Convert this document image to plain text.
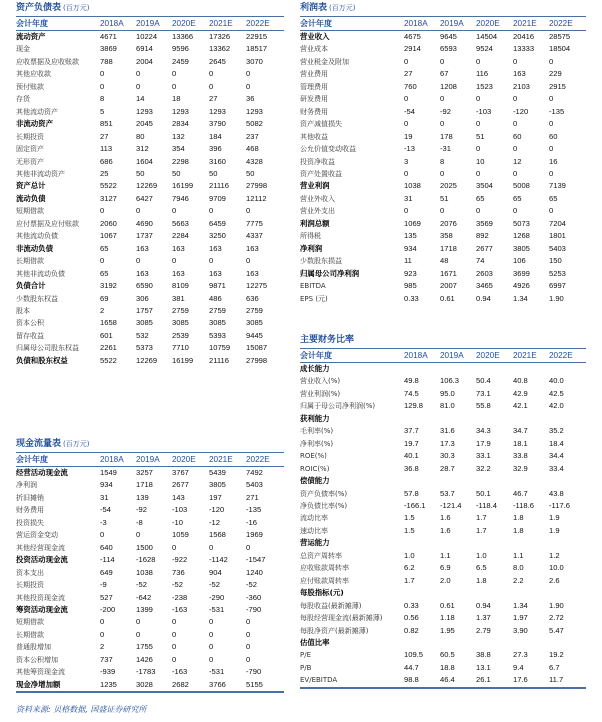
资产负债表 (百万元)
会计年度	2018A	2019A	2020E	2021E	2022E
流动资产	4671	10224	13366	17326	22915
现金	3869	6914	9596	13362	18517
应收票据及应收账款	788	2004	2459	2645	3070
其他应收款	0	0	0	0	0
预付账款	0	0	0	0	0
存货	8	14	18	27	36
其他流动资产	5	1293	1293	1293	1293
非流动资产	851	2045	2834	3790	5082
长期投资	27	80	132	184	237
固定资产	113	312	354	396	468
无形资产	686	1604	2298	3160	4328
其他非流动资产	25	50	50	50	50
资产总计	5522	12269	16199	21116	27998
流动负债	3127	6427	7946	9709	12112
短期借款	0	0	0	0	0
应付票据及应付账款	2060	4690	5663	6459	7775
其他流动负债	1067	1737	2284	3250	4337
非流动负债	65	163	163	163	163
长期借款	0	0	0	0	0
其他非流动负债	65	163	163	163	163
负债合计	3192	6590	8109	9871	12275
少数股东权益	69	306	381	486	636
股本	2	1757	2759	2759	2759
资本公积	1658	3085	3085	3085	3085
留存收益	601	532	2539	5393	9445
归属母公司股东权益	2261	5373	7710	10759	15087
负债和股东权益	5522	12269	16199	21116	27998
现金流量表 (百万元)
会计年度	2018A	2019A	2020E	2021E	2022E
经营活动现金流	1549	3257	3767	5439	7492
净利润	934	1718	2677	3805	5403
折旧摊销	31	139	143	197	271
财务费用	-54	-92	-103	-120	-135
投资损失	-3	-8	-10	-12	-16
营运资金变动	0	0	1059	1568	1969
其他经营现金流	640	1500	0	0	0
投资活动现金流	-114	-1628	-922	-1142	-1547
资本支出	649	1038	736	904	1240
长期投资	-9	-52	-52	-52	-52
其他投资现金流	527	-642	-238	-290	-360
筹资活动现金流	-200	1399	-163	-531	-790
短期借款	0	0	0	0	0
长期借款	0	0	0	0	0
普通股增加	2	1755	0	0	0
资本公积增加	737	1426	0	0	0
其他筹资现金流	-939	-1783	-163	-531	-790
现金净增加额	1235	3028	2682	3766	5155
利润表 (百万元)
会计年度	2018A	2019A	2020E	2021E	2022E
营业收入	4675	9645	14504	20416	28575
营业成本	2914	6593	9524	13333	18504
营业税金及附加	0	0	0	0	0
营业费用	27	67	116	163	229
管理费用	760	1208	1523	2103	2915
研发费用	0	0	0	0	0
财务费用	-54	-92	-103	-120	-135
资产减值损失	0	0	0	0	0
其他收益	19	178	51	60	60
公允价值变动收益	-13	-31	0	0	0
投资净收益	3	8	10	12	16
资产处置收益	0	0	0	0	0
营业利润	1038	2025	3504	5008	7139
营业外收入	31	51	65	65	65
营业外支出	0	0	0	0	0
利润总额	1069	2076	3569	5073	7204
所得税	135	358	892	1268	1801
净利润	934	1718	2677	3805	5403
少数股东损益	11	48	74	106	150
归属母公司净利润	923	1671	2603	3699	5253
EBITDA	985	2007	3465	4926	6997
EPS (元)	0.33	0.61	0.94	1.34	1.90
主要财务比率
会计年度	2018A	2019A	2020E	2021E	2022E
成长能力					
营业收入(%)	49.8	106.3	50.4	40.8	40.0
营业利润(%)	74.5	95.0	73.1	42.9	42.5
归属于母公司净利润(%)	129.8	81.0	55.8	42.1	42.0
获利能力					
毛利率(%)	37.7	31.6	34.3	34.7	35.2
净利率(%)	19.7	17.3	17.9	18.1	18.4
ROE(%)	40.1	30.3	33.1	33.8	34.4
ROIC(%)	36.8	28.7	32.2	32.9	33.4
偿债能力					
资产负债率(%)	57.8	53.7	50.1	46.7	43.8
净负债比率(%)	-166.1	-121.4	-118.4	-118.6	-117.6
流动比率	1.5	1.6	1.7	1.8	1.9
速动比率	1.5	1.6	1.7	1.8	1.9
营运能力					
总资产周转率	1.0	1.1	1.0	1.1	1.2
应收账款周转率	6.2	6.9	6.5	8.0	10.0
应付账款周转率	1.7	2.0	1.8	2.2	2.6
每股指标(元)					
每股收益(最新摊薄)	0.33	0.61	0.94	1.34	1.90
每股经营现金流(最新摊薄)	0.56	1.18	1.37	1.97	2.72
每股净资产(最新摊薄)	0.82	1.95	2.79	3.90	5.47
估值比率					
P/E	109.5	60.5	38.8	27.3	19.2
P/B	44.7	18.8	13.1	9.4	6.7
EV/EBITDA	98.8	46.4	26.1	17.6	11.7
资料来源: 贝格数据, 国盛证券研究所
